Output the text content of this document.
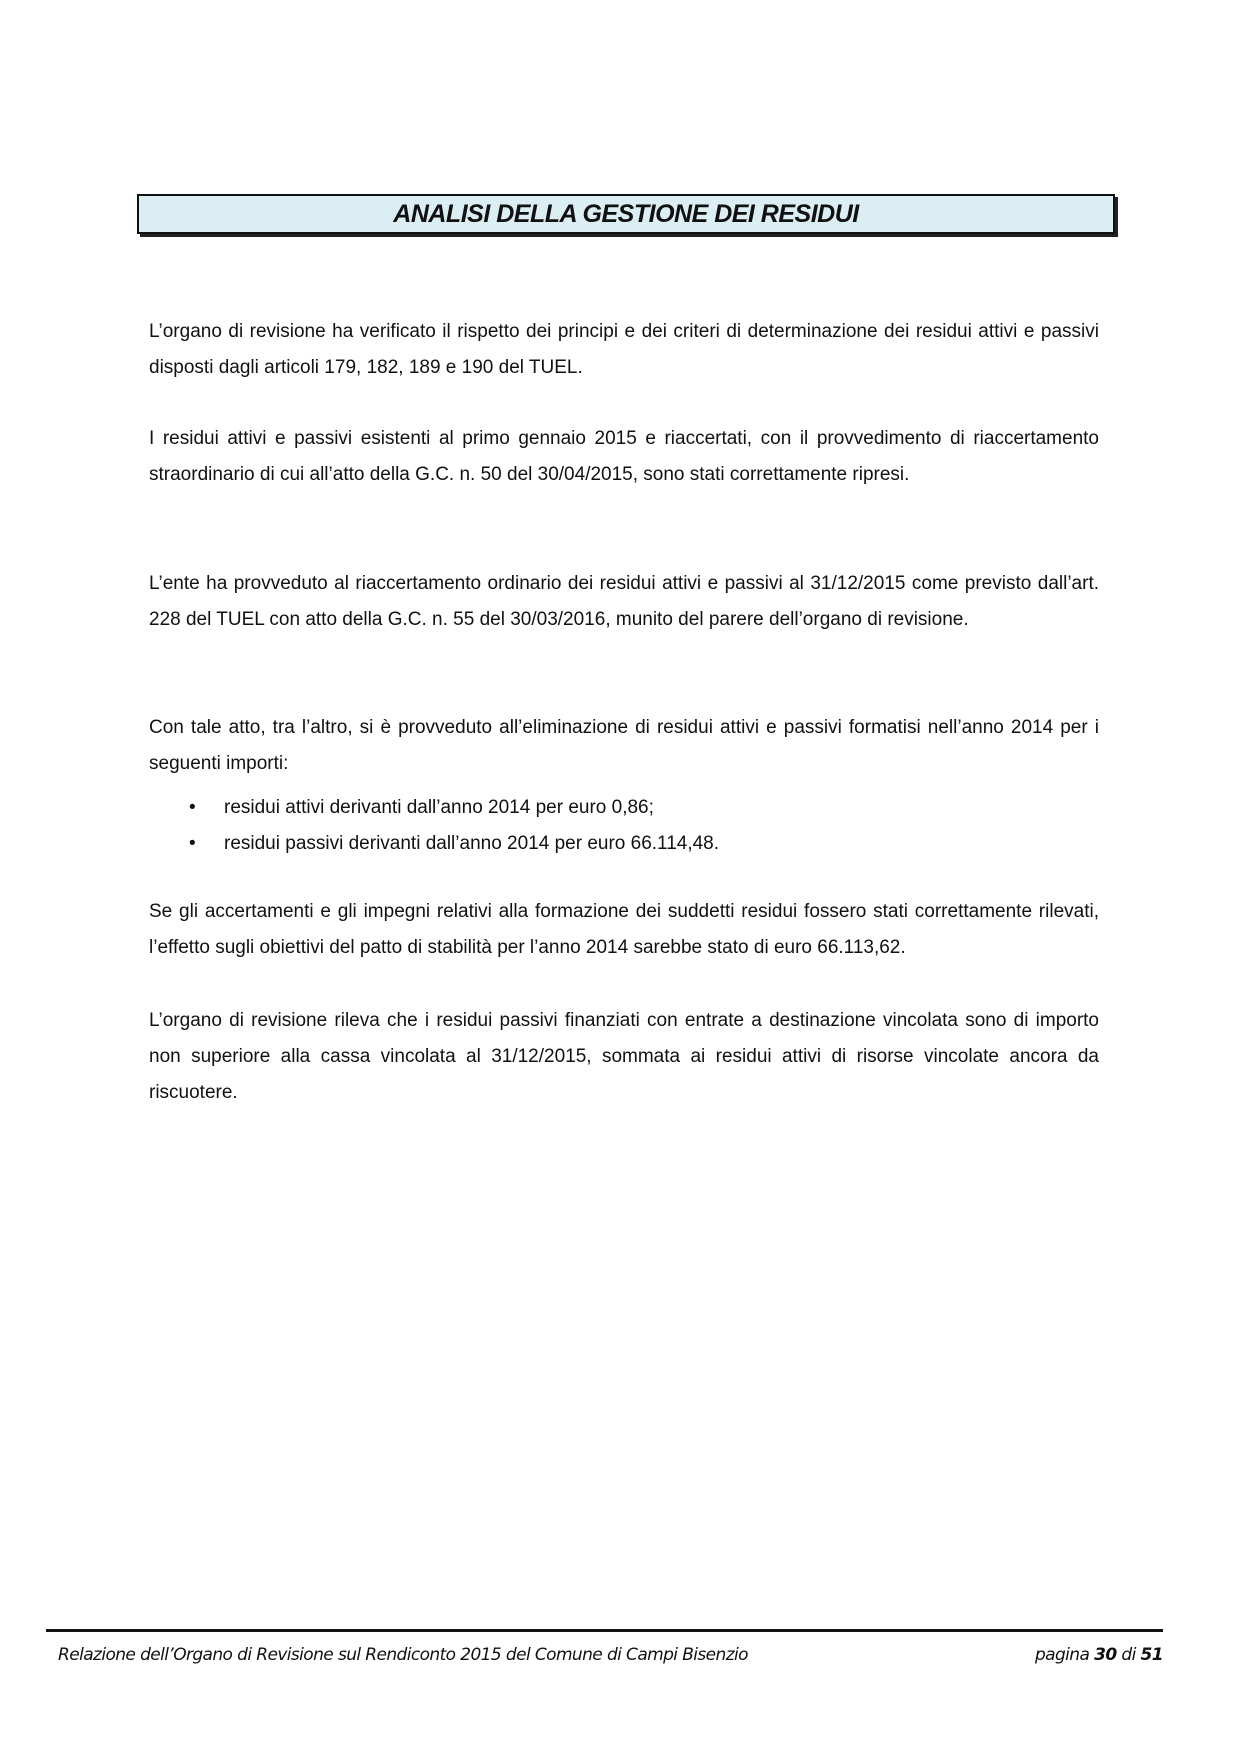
ANALISI DELLA GESTIONE DEI RESIDUI

L’organo di revisione ha verificato il rispetto dei principi e dei criteri di determinazione dei residui attivi e passivi disposti dagli articoli 179, 182, 189 e 190 del TUEL.

I residui attivi e passivi esistenti al primo gennaio 2015 e riaccertati, con il provvedimento di riaccertamento straordinario di cui all’atto della G.C. n. 50 del 30/04/2015, sono stati correttamente ripresi.

L’ente ha provveduto al riaccertamento ordinario dei residui attivi e passivi al 31/12/2015 come previsto dall’art. 228 del TUEL con atto della G.C. n. 55 del 30/03/2016, munito del parere dell’organo di revisione.

Con tale atto, tra l’altro, si è provveduto all’eliminazione di residui attivi e passivi formatisi nell’anno 2014 per i seguenti importi:

• residui attivi derivanti dall’anno 2014 per euro 0,86;
• residui passivi derivanti dall’anno 2014 per euro 66.114,48.

Se gli accertamenti e gli impegni relativi alla formazione dei suddetti residui fossero stati correttamente rilevati, l’effetto sugli obiettivi del patto di stabilità per l’anno 2014 sarebbe stato di euro 66.113,62.

L’organo di revisione rileva che i residui passivi finanziati con entrate a destinazione vincolata sono di importo non superiore alla cassa vincolata al 31/12/2015, sommata ai residui attivi di risorse vincolate ancora da riscuotere.

Relazione dell’Organo di Revisione sul Rendiconto 2015 del Comune di Campi Bisenzio	pagina 30 di 51
